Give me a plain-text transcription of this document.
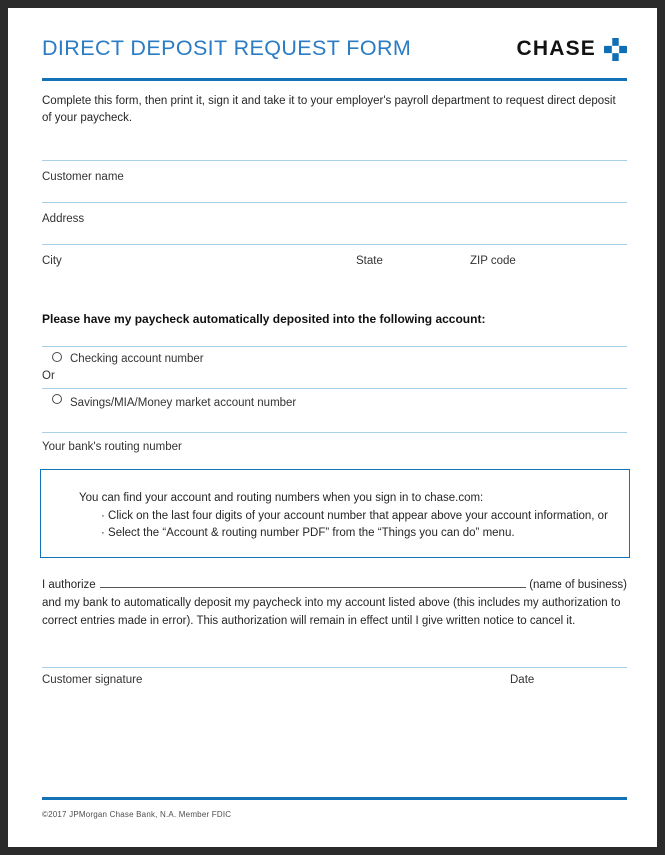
DIRECT DEPOSIT REQUEST FORM	CHASE
Complete this form, then print it, sign it and take it to your employer's payroll department to request direct deposit of your paycheck.
Customer name
Address
City	State	ZIP code
Please have my paycheck automatically deposited into the following account:
Checking account number
Or
Savings/MIA/Money market account number
Your bank's routing number
You can find your account and routing numbers when you sign in to chase.com:
· Click on the last four digits of your account number that appear above your account information, or
· Select the “Account & routing number PDF” from the “Things you can do” menu.
I authorize	(name of business)
and my bank to automatically deposit my paycheck into my account listed above (this includes my authorization to
correct entries made in error). This authorization will remain in effect until I give written notice to cancel it.
Customer signature	Date
©2017 JPMorgan Chase Bank, N.A. Member FDIC
